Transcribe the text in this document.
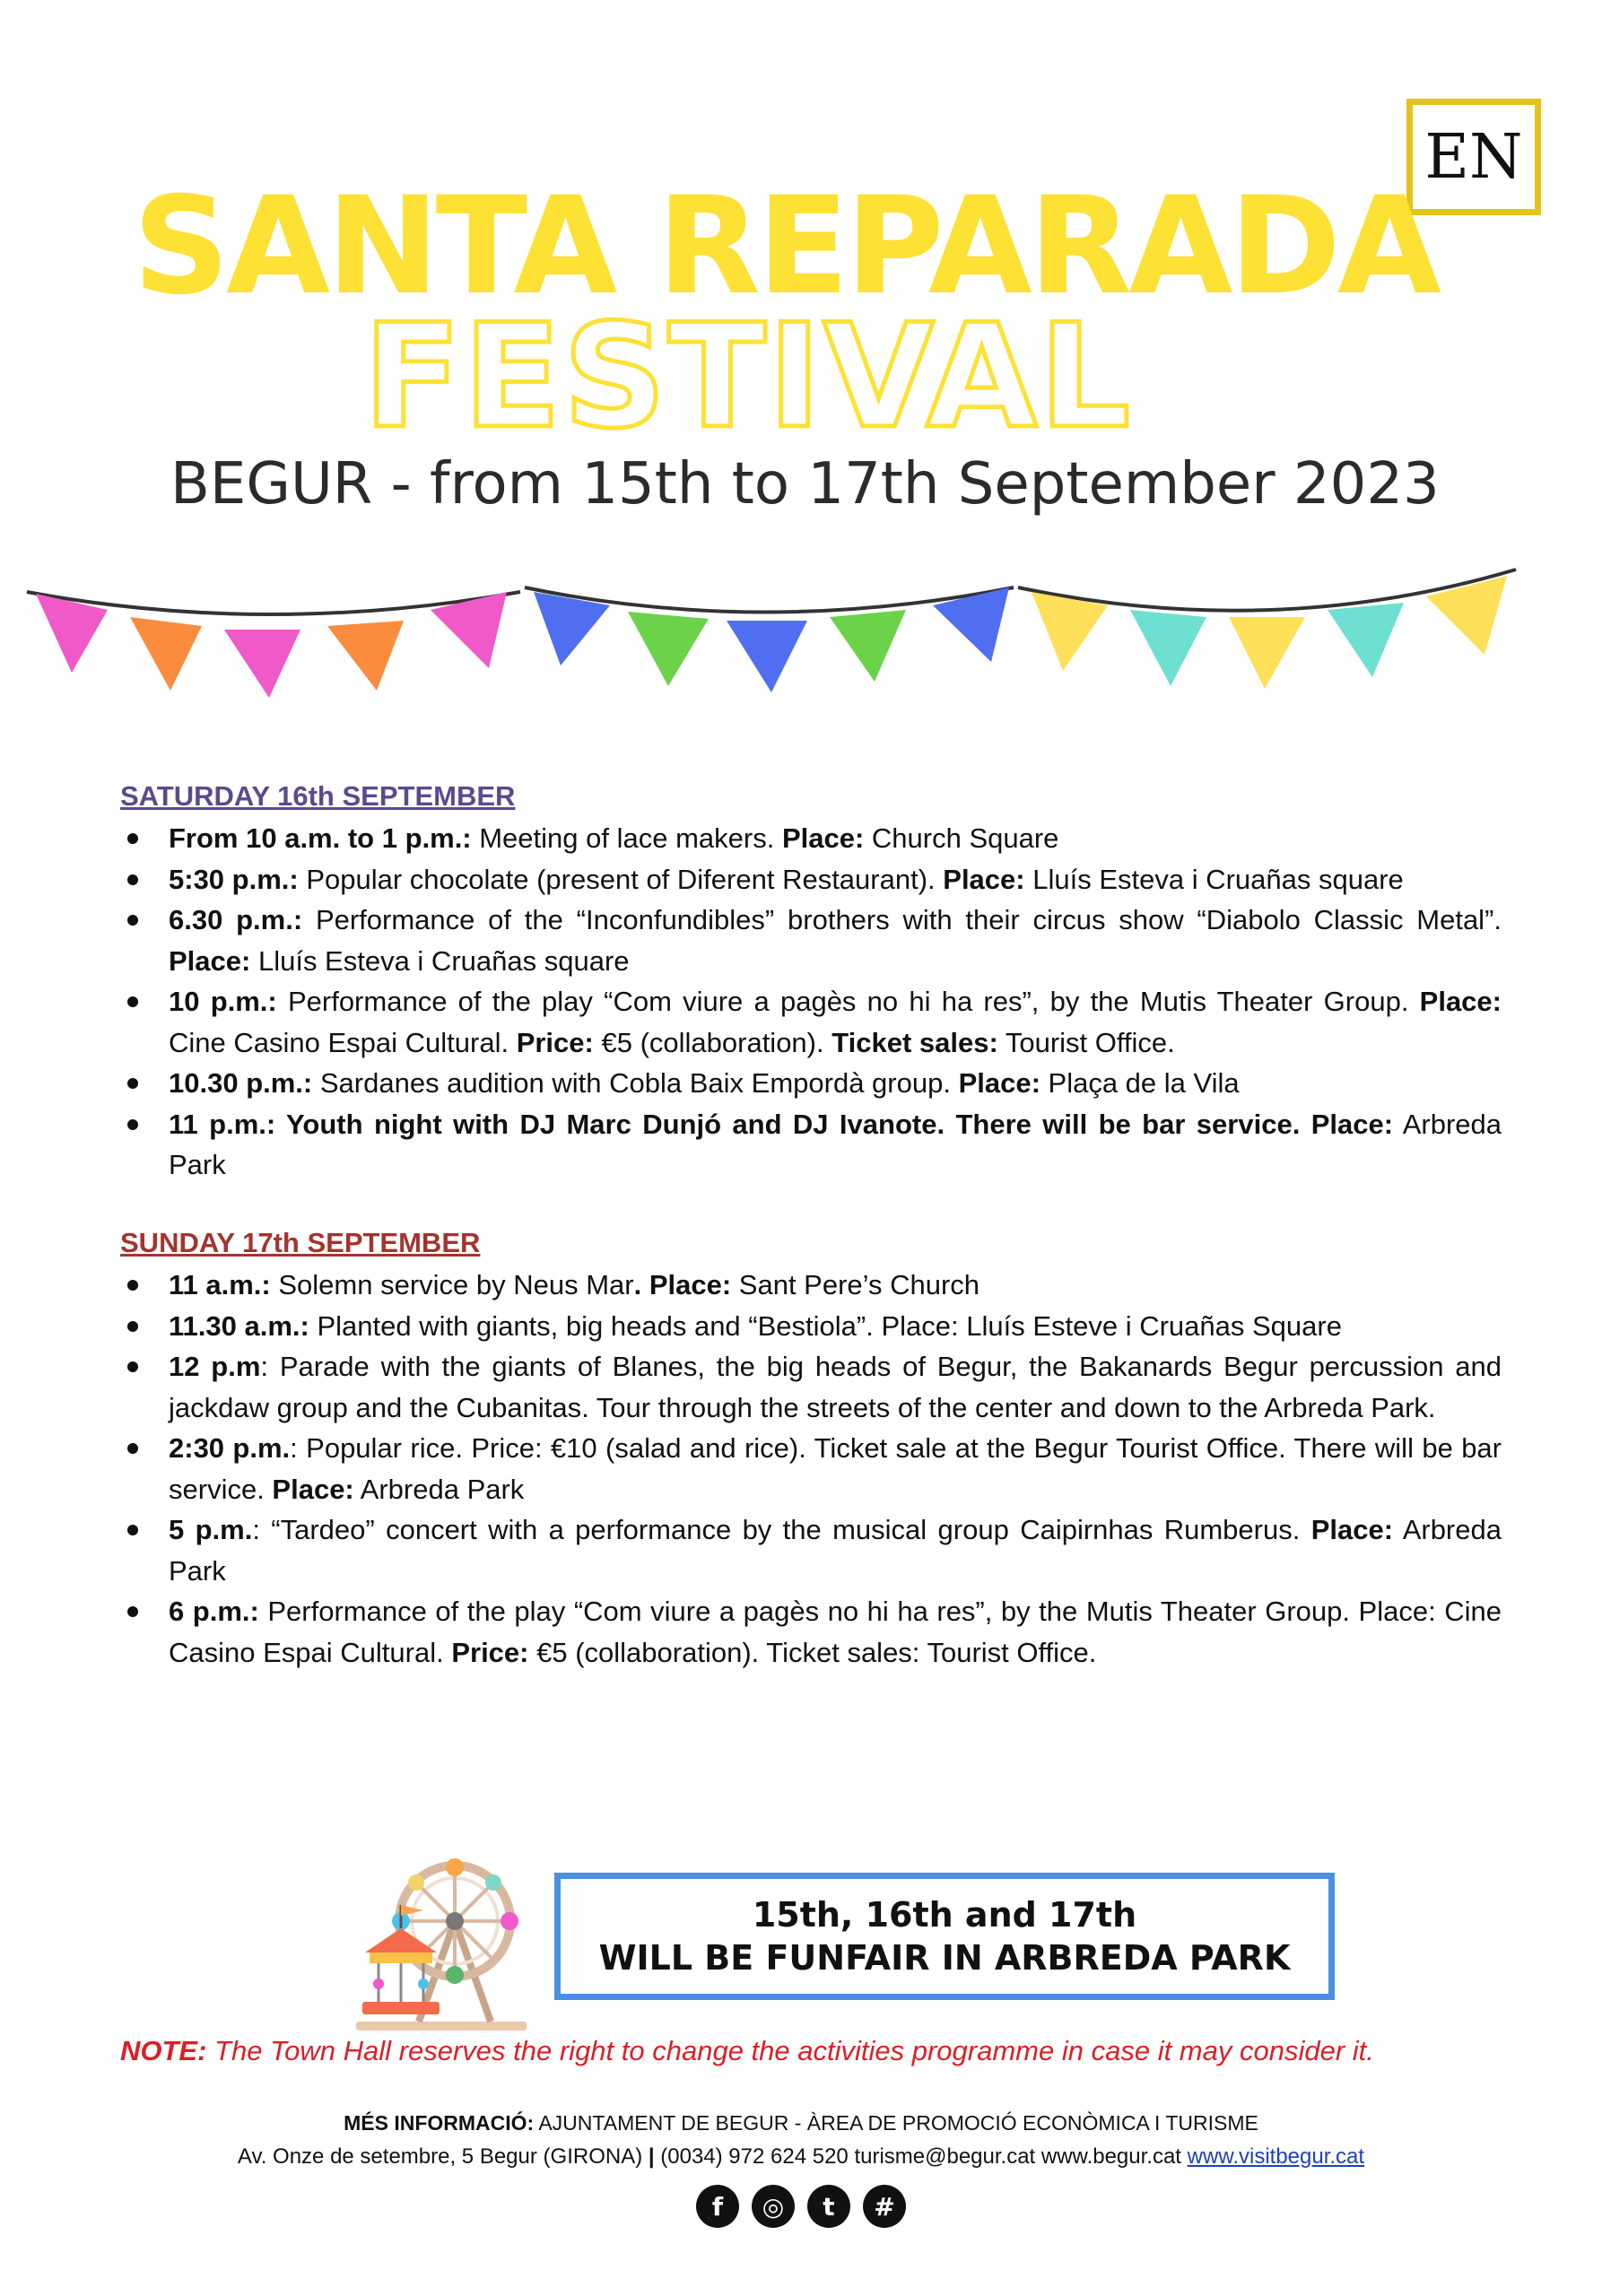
EN
SANTA REPARADA
FESTIVAL
BEGUR - from 15th to 17th September 2023
SATURDAY 16th SEPTEMBER
From 10 a.m. to 1 p.m.: Meeting of lace makers. Place: Church Square
5:30 p.m.: Popular chocolate (present of Diferent Restaurant). Place: Lluís Esteva i Cruañas square
6.30 p.m.: Performance of the “Inconfundibles” brothers with their circus show “Diabolo Classic Metal”. Place: Lluís Esteva i Cruañas square
10 p.m.: Performance of the play “Com viure a pagès no hi ha res”, by the Mutis Theater Group. Place: Cine Casino Espai Cultural. Price: €5 (collaboration). Ticket sales: Tourist Office.
10.30 p.m.: Sardanes audition with Cobla Baix Empordà group. Place: Plaça de la Vila
11 p.m.: Youth night with DJ Marc Dunjó and DJ Ivanote. There will be bar service. Place: Arbreda Park
SUNDAY 17th SEPTEMBER
11 a.m.: Solemn service by Neus Mar. Place: Sant Pere’s Church
11.30 a.m.: Planted with giants, big heads and “Bestiola”. Place: Lluís Esteve i Cruañas Square
12 p.m: Parade with the giants of Blanes, the big heads of Begur, the Bakanards Begur percussion and jackdaw group and the Cubanitas. Tour through the streets of the center and down to the Arbreda Park.
2:30 p.m.: Popular rice. Price: €10 (salad and rice). Ticket sale at the Begur Tourist Office. There will be bar service. Place: Arbreda Park
5 p.m.: “Tardeo” concert with a performance by the musical group Caipirnhas Rumberus. Place: Arbreda Park
6 p.m.: Performance of the play “Com viure a pagès no hi ha res”, by the Mutis Theater Group. Place: Cine Casino Espai Cultural. Price: €5 (collaboration). Ticket sales: Tourist Office.
15th, 16th and 17th
WILL BE FUNFAIR IN ARBREDA PARK
NOTE: The Town Hall reserves the right to change the activities programme in case it may consider it.
MÉS INFORMACIÓ: AJUNTAMENT DE BEGUR - ÀREA DE PROMOCIÓ ECONÒMICA I TURISME
Av. Onze de setembre, 5 Begur (GIRONA) | (0034) 972 624 520 turisme@begur.cat www.begur.cat www.visitbegur.cat
f	◎	t	#
